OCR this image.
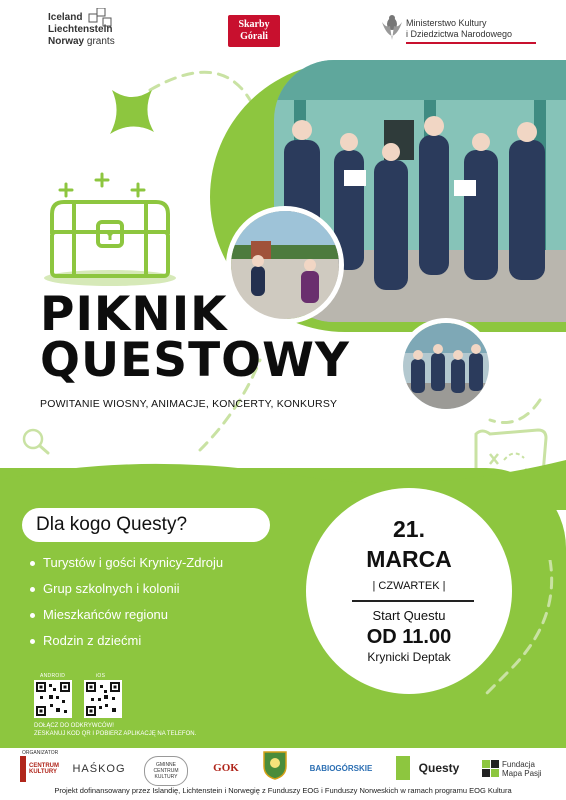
Iceland
Liechtenstein
Norway grants
Skarby
Górali
Ministerstwo Kultury
i Dziedzictwa Narodowego
PIKNIK
QUESTOWY
POWITANIE WIOSNY, ANIMACJE, KONCERTY, KONKURSY
Dla kogo Questy?
Turystów i gości Krynicy-Zdroju
Grup szkolnych i kolonii
Mieszkańców regionu
Rodzin z dziećmi
ANDROID	iOS
DOŁĄCZ DO ODKRYWCÓW!
ZESKANUJ KOD QR I POBIERZ APLIKACJĘ NA TELEFON.
21.
MARCA
| CZWARTEK |
Start Questu
OD 11.00
Krynicki Deptak
ORGANIZATOR
CENTRUM KULTURY	HAŚKOG	GMINNE CENTRUM KULTURY
GOK	BABIOGÓRSKIE	Questy	Fundacja Mapa Pasji
Projekt dofinansowany przez Islandię, Lichtenstein i Norwegię z Funduszy EOG i Funduszy Norweskich w ramach programu EOG Kultura
